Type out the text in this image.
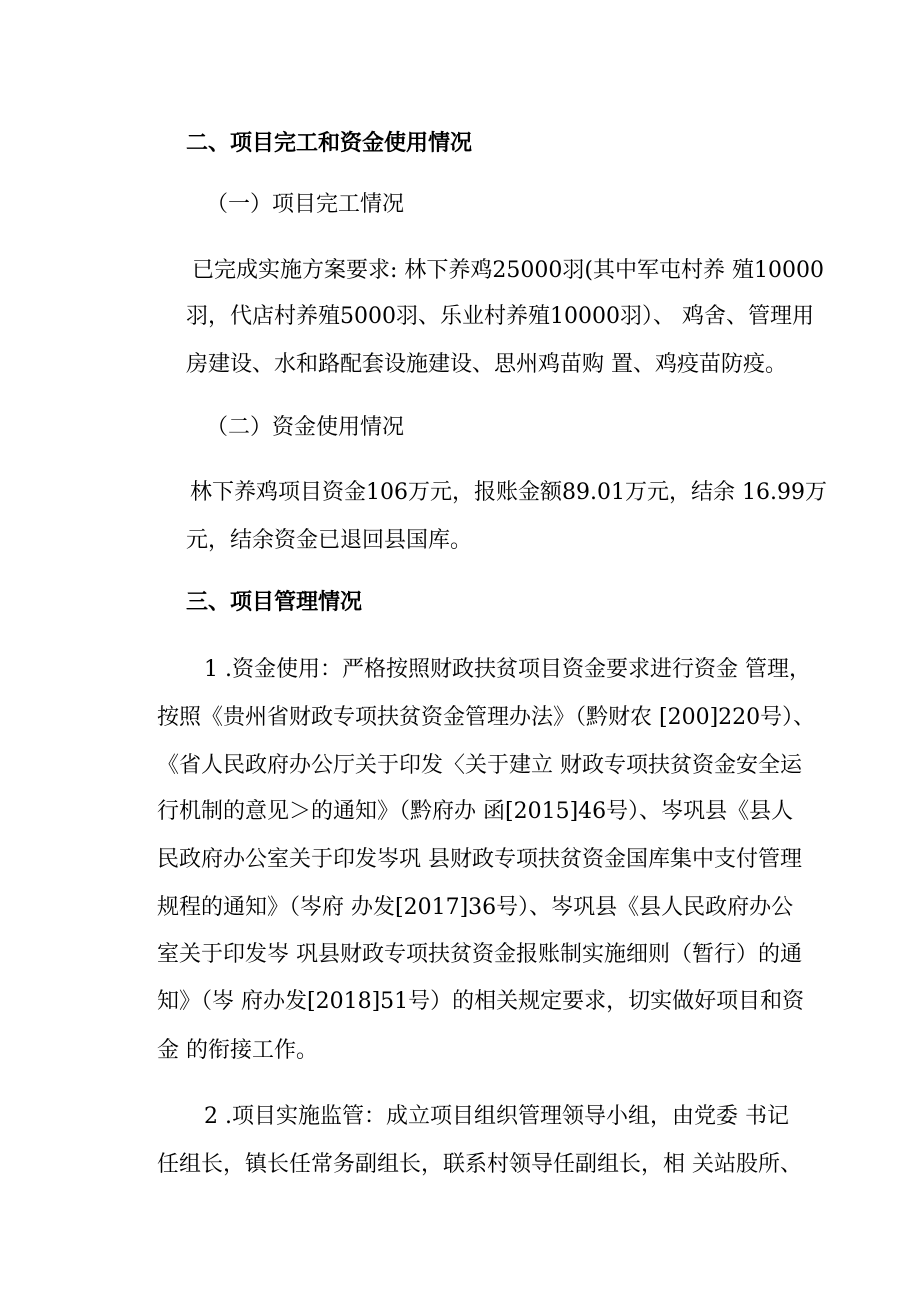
二、项目完工和资金使用情况

（一）项目完工情况

已完成实施方案要求: 林下养鸡25000羽(其中军屯村养 殖10000

羽，代店村养殖5000羽、乐业村养殖10000羽）、 鸡舍、管理用

房建设、水和路配套设施建设、思州鸡苗购 置、鸡疫苗防疫。

（二）资金使用情况

林下养鸡项目资金106万元，报账金额89.01万元，结余 16.99万

元，结余资金已退回县国库。

三、项目管理情况

1 .资金使用：严格按照财政扶贫项目资金要求进行资金 管理，

按照《贵州省财政专项扶贫资金管理办法》（黔财农 [200]220号）、

《省人民政府办公厅关于印发〈关于建立 财政专项扶贫资金安全运

行机制的意见＞的通知》（黔府办 函[2015]46号）、岑巩县《县人

民政府办公室关于印发岑巩 县财政专项扶贫资金国库集中支付管理

规程的通知》（岑府 办发[2017]36号）、岑巩县《县人民政府办公

室关于印发岑 巩县财政专项扶贫资金报账制实施细则（暂行）的通

知》（岑 府办发[2018]51号）的相关规定要求，切实做好项目和资

金 的衔接工作。

2 .项目实施监管：成立项目组织管理领导小组，由党委 书记

任组长，镇长任常务副组长，联系村领导任副组长，相 关站股所、
